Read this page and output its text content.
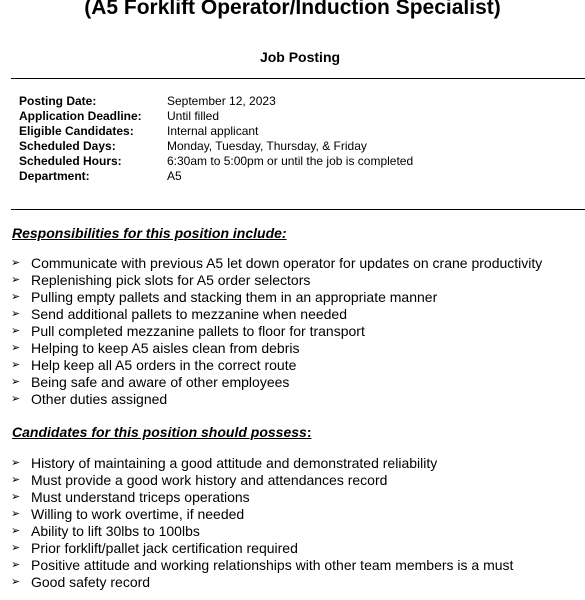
(A5 Forklift Operator/Induction Specialist)
Job Posting
Posting Date:	September 12, 2023
Application Deadline:	Until filled
Eligible Candidates:	Internal applicant
Scheduled Days:	Monday, Tuesday, Thursday, & Friday
Scheduled Hours:	6:30am to 5:00pm or until the job is completed
Department:	A5
Responsibilities for this position include:
➢ Communicate with previous A5 let down operator for updates on crane productivity
➢ Replenishing pick slots for A5 order selectors
➢ Pulling empty pallets and stacking them in an appropriate manner
➢ Send additional pallets to mezzanine when needed
➢ Pull completed mezzanine pallets to floor for transport
➢ Helping to keep A5 aisles clean from debris
➢ Help keep all A5 orders in the correct route
➢ Being safe and aware of other employees
➢ Other duties assigned
Candidates for this position should possess:
➢ History of maintaining a good attitude and demonstrated reliability
➢ Must provide a good work history and attendances record
➢ Must understand triceps operations
➢ Willing to work overtime, if needed
➢ Ability to lift 30lbs to 100lbs
➢ Prior forklift/pallet jack certification required
➢ Positive attitude and working relationships with other team members is a must
➢ Good safety record
